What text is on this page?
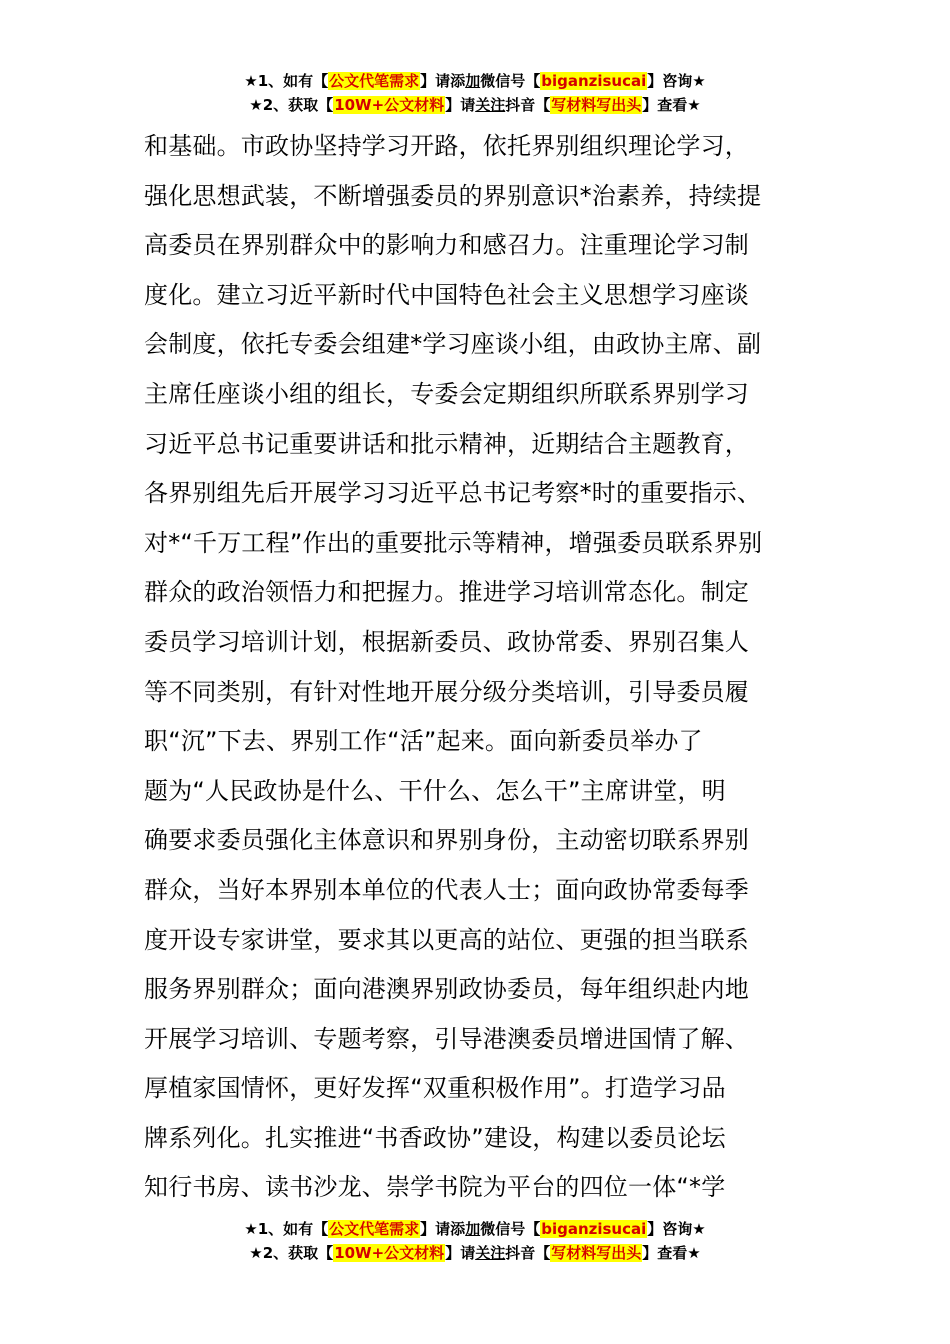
★1、如有【公文代笔需求】请添加微信号【biganzisucai】咨询★
★2、获取【10W+公文材料】请关注抖音【写材料写出头】查看★
和基础。市政协坚持学习开路，依托界别组织理论学习，
强化思想武装，不断增强委员的界别意识*治素养，持续提
高委员在界别群众中的影响力和感召力。注重理论学习制
度化。建立习近平新时代中国特色社会主义思想学习座谈
会制度，依托专委会组建*学习座谈小组，由政协主席、副
主席任座谈小组的组长，专委会定期组织所联系界别学习
习近平总书记重要讲话和批示精神，近期结合主题教育，
各界别组先后开展学习习近平总书记考察*时的重要指示、
对*“千万工程”作出的重要批示等精神，增强委员联系界别
群众的政治领悟力和把握力。推进学习培训常态化。制定
委员学习培训计划，根据新委员、政协常委、界别召集人
等不同类别，有针对性地开展分级分类培训，引导委员履
职“沉”下去、界别工作“活”起来。面向新委员举办了
题为“人民政协是什么、干什么、怎么干”主席讲堂，明
确要求委员强化主体意识和界别身份，主动密切联系界别
群众，当好本界别本单位的代表人士；面向政协常委每季
度开设专家讲堂，要求其以更高的站位、更强的担当联系
服务界别群众；面向港澳界别政协委员，每年组织赴内地
开展学习培训、专题考察，引导港澳委员增进国情了解、
厚植家国情怀，更好发挥“双重积极作用”。打造学习品
牌系列化。扎实推进“书香政协”建设，构建以委员论坛
知行书房、读书沙龙、崇学书院为平台的四位一体“*学
★1、如有【公文代笔需求】请添加微信号【biganzisucai】咨询★
★2、获取【10W+公文材料】请关注抖音【写材料写出头】查看★
